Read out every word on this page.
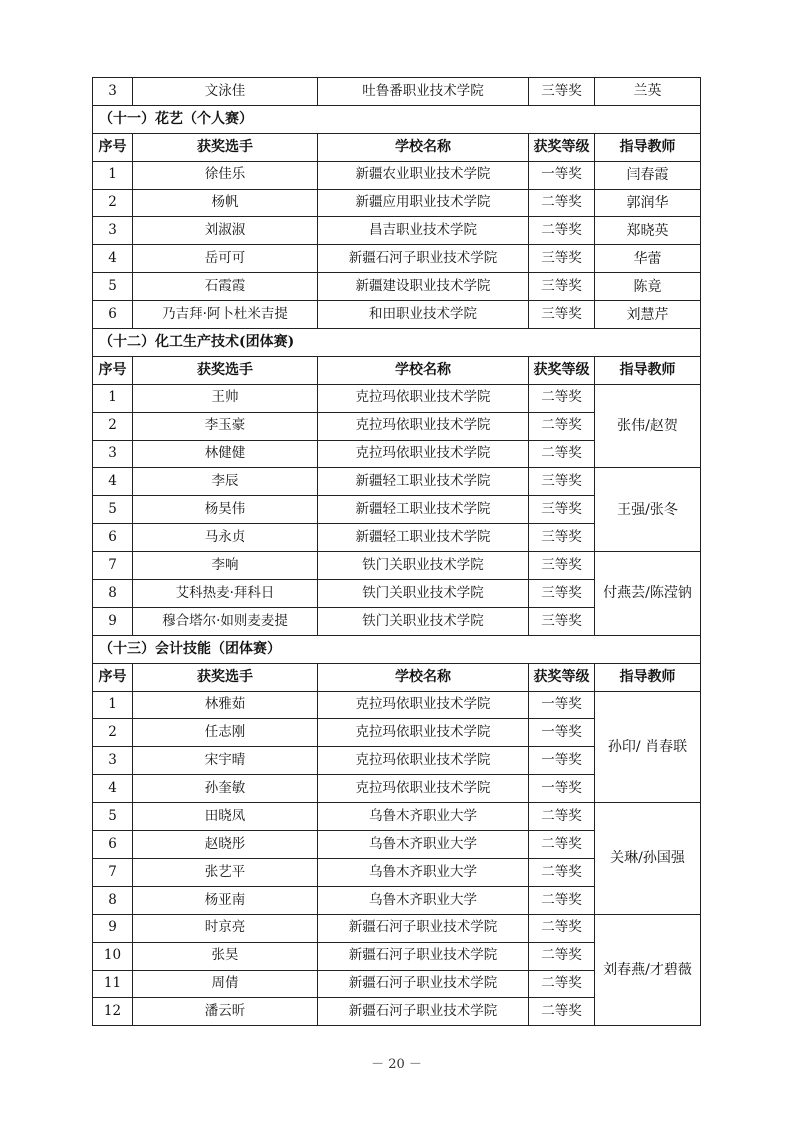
3	文泳佳	吐鲁番职业技术学院	三等奖	兰英
（十一）花艺（个人赛）				
序号	获奖选手	学校名称	获奖等级	指导教师
1	徐佳乐	新疆农业职业技术学院	一等奖	闫春霞
2	杨帆	新疆应用职业技术学院	二等奖	郭润华
3	刘淑淑	昌吉职业技术学院	二等奖	郑晓英
4	岳可可	新疆石河子职业技术学院	三等奖	华蕾
5	石霞霞	新疆建设职业技术学院	三等奖	陈竟
6	乃吉拜·阿卜杜米吉提	和田职业技术学院	三等奖	刘慧芹
（十二）化工生产技术(团体赛)				
序号	获奖选手	学校名称	获奖等级	指导教师
1	王帅	克拉玛依职业技术学院	二等奖	张伟/赵贺
2	李玉豪	克拉玛依职业技术学院	二等奖	
3	林健健	克拉玛依职业技术学院	二等奖	
4	李辰	新疆轻工职业技术学院	三等奖	王强/张冬
5	杨昊伟	新疆轻工职业技术学院	三等奖	
6	马永贞	新疆轻工职业技术学院	三等奖	
7	李响	铁门关职业技术学院	三等奖	付燕芸/陈滢钠
8	艾科热麦·拜科日	铁门关职业技术学院	三等奖	
9	穆合塔尔·如则麦麦提	铁门关职业技术学院	三等奖	
（十三）会计技能（团体赛）				
序号	获奖选手	学校名称	获奖等级	指导教师
1	林雅茹	克拉玛依职业技术学院	一等奖	孙印/ 肖春联
2	任志刚	克拉玛依职业技术学院	一等奖	
3	宋宇晴	克拉玛依职业技术学院	一等奖	
4	孙奎敏	克拉玛依职业技术学院	一等奖	
5	田晓凤	乌鲁木齐职业大学	二等奖	关琳/孙国强
6	赵晓彤	乌鲁木齐职业大学	二等奖	
7	张艺平	乌鲁木齐职业大学	二等奖	
8	杨亚南	乌鲁木齐职业大学	二等奖	
9	时京亮	新疆石河子职业技术学院	二等奖	刘春燕/才碧薇
10	张昊	新疆石河子职业技术学院	二等奖	
11	周倩	新疆石河子职业技术学院	二等奖	
12	潘云昕	新疆石河子职业技术学院	二等奖	
－ 20 －
